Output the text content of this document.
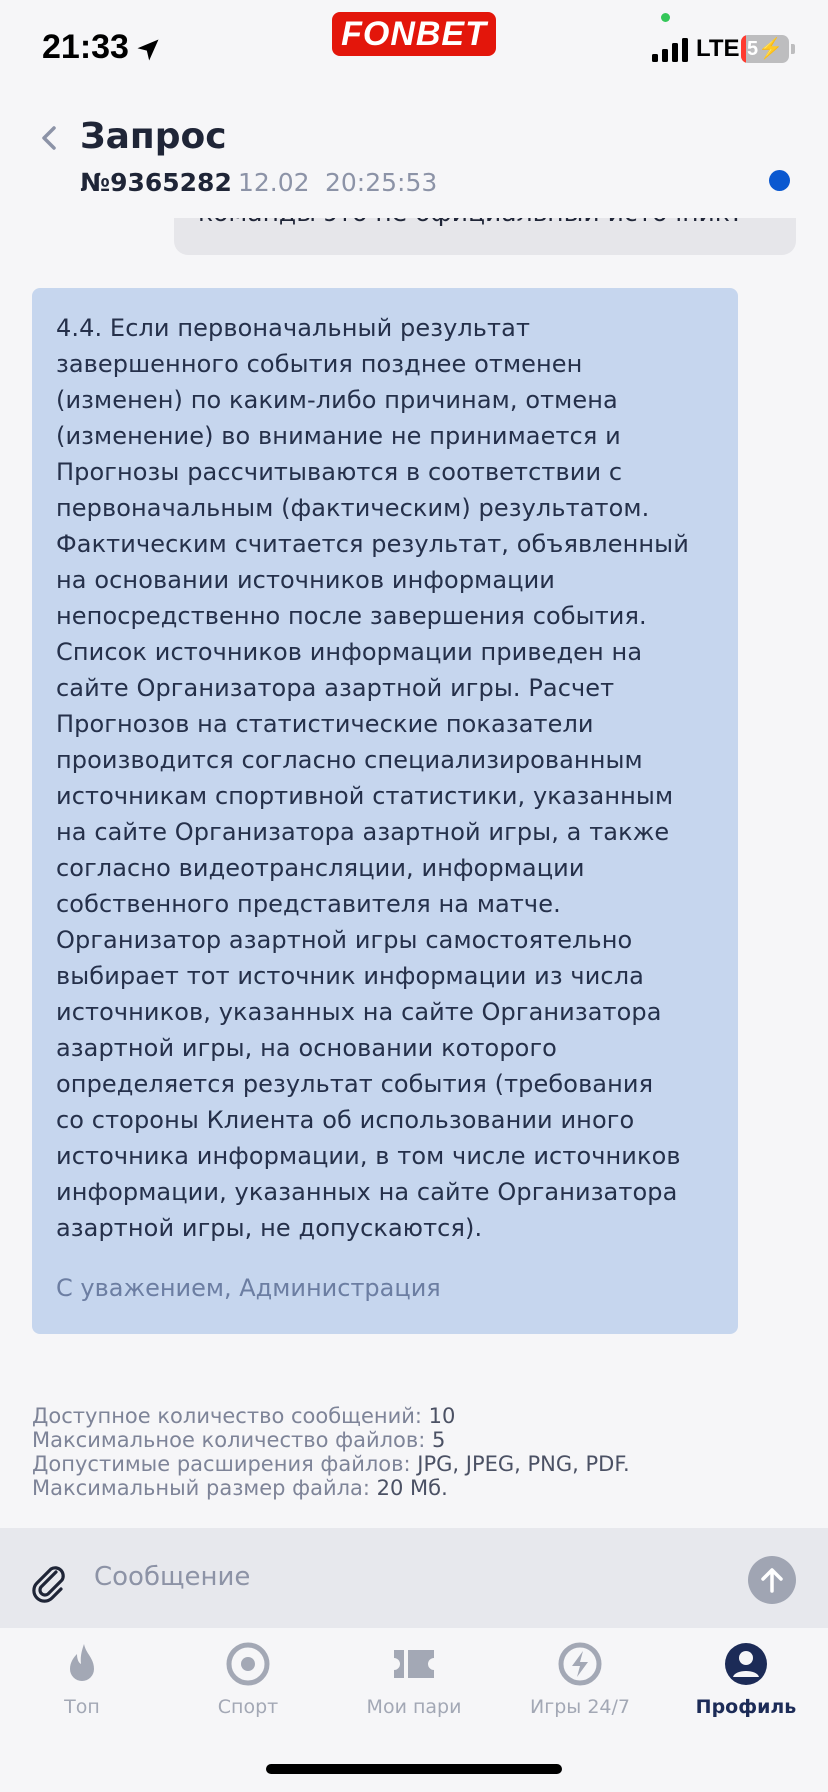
21:33	FONBET	LTE 5⚡
Запрос
№9365282 12.02 20:25:53
4.4. Если первоначальный результат
завершенного события позднее отменен
(изменен) по каким-либо причинам, отмена
(изменение) во внимание не принимается и
Прогнозы рассчитываются в соответствии с
первоначальным (фактическим) результатом.
Фактическим считается результат, объявленный
на основании источников информации
непосредственно после завершения события.
Список источников информации приведен на
сайте Организатора азартной игры. Расчет
Прогнозов на статистические показатели
производится согласно специализированным
источникам спортивной статистики, указанным
на сайте Организатора азартной игры, а также
согласно видеотрансляции, информации
собственного представителя на матче.
Организатор азартной игры самостоятельно
выбирает тот источник информации из числа
источников, указанных на сайте Организатора
азартной игры, на основании которого
определяется результат события (требования
со стороны Клиента об использовании иного
источника информации, в том числе источников
информации, указанных на сайте Организатора
азартной игры, не допускаются).
С уважением, Администрация
Доступное количество сообщений: 10
Максимальное количество файлов: 5
Допустимые расширения файлов: JPG, JPEG, PNG, PDF.
Максимальный размер файла: 20 Мб.
Сообщение
Топ	Спорт	Мои пари	Игры 24/7	Профиль
